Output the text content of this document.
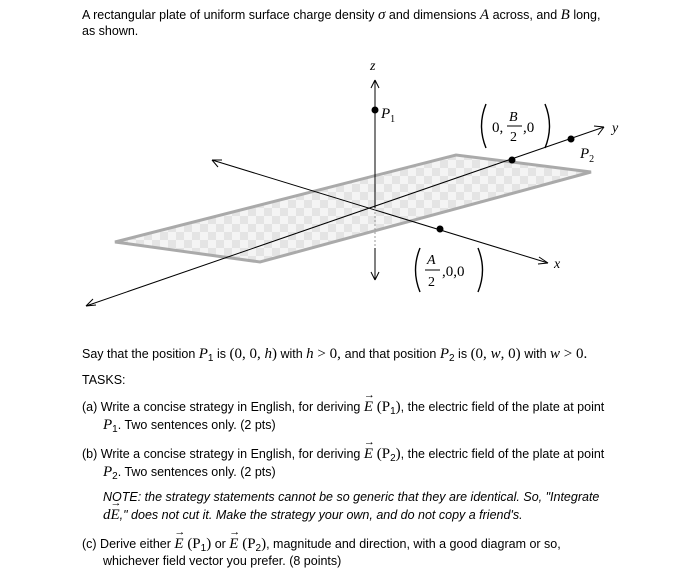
A rectangular plate of uniform surface charge density σ and dimensions A across, and B long,
as shown.
z
y
x
$P_1$
$P_2$
0,
B
2
,0
A
2
,0,0
Say that the position $P_1$ is (0, 0, h) with h > 0, and that position $P_2$ is (0, w, 0) with w > 0.
TASKS:
(a) Write a concise strategy in English, for deriving → E $(P_1)$, the electric field of the plate at point
$P_1$. Two sentences only. (2 pts)
(b) Write a concise strategy in English, for deriving → E $(P_2)$, the electric field of the plate at point
$P_2$. Two sentences only. (2 pts)
NOTE: the strategy statements cannot be so generic that they are identical. So, "Integrate
d→ E," does not cut it. Make the strategy your own, and do not copy a friend's.
(c) Derive either → E $(P_1)$ or → E $(P_2)$, magnitude and direction, with a good diagram or so,
whichever field vector you prefer. (8 points)
